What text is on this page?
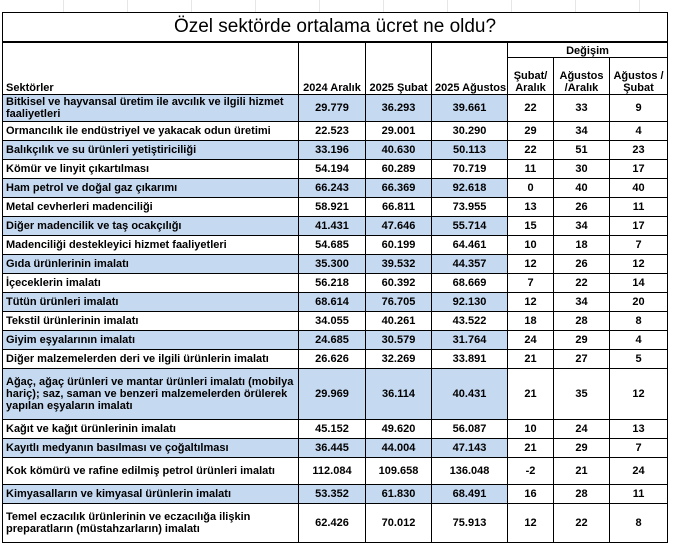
Özel sektörde ortalama ücret ne oldu?						
Sektörler	2024 Aralık	2025 Şubat	2025 Ağustos	Değişim		
				Şubat/ Aralık	Ağustos /Aralık	Ağustos /Şubat
Bitkisel ve hayvansal üretim ile avcılık ve ilgili hizmet faaliyetleri	29.779	36.293	39.661	22	33	9
Ormancılık ile endüstriyel ve yakacak odun üretimi	22.523	29.001	30.290	29	34	4
Balıkçılık ve su ürünleri yetiştiriciliği	33.196	40.630	50.113	22	51	23
Kömür ve linyit çıkartılması	54.194	60.289	70.719	11	30	17
Ham petrol ve doğal gaz çıkarımı	66.243	66.369	92.618	0	40	40
Metal cevherleri madenciliği	58.921	66.811	73.955	13	26	11
Diğer madencilik ve taş ocakçılığı	41.431	47.646	55.714	15	34	17
Madenciliği destekleyici hizmet faaliyetleri	54.685	60.199	64.461	10	18	7
Gıda ürünlerinin imalatı	35.300	39.532	44.357	12	26	12
İçeceklerin imalatı	56.218	60.392	68.669	7	22	14
Tütün ürünleri imalatı	68.614	76.705	92.130	12	34	20
Tekstil ürünlerinin imalatı	34.055	40.261	43.522	18	28	8
Giyim eşyalarının imalatı	24.685	30.579	31.764	24	29	4
Diğer malzemelerden deri ve ilgili ürünlerin imalatı	26.626	32.269	33.891	21	27	5
Ağaç, ağaç ürünleri ve mantar ürünleri imalatı (mobilya hariç); saz, saman ve benzeri malzemelerden örülerek yapılan eşyaların imalatı	29.969	36.114	40.431	21	35	12
Kağıt ve kağıt ürünlerinin imalatı	45.152	49.620	56.087	10	24	13
Kayıtlı medyanın basılması ve çoğaltılması	36.445	44.004	47.143	21	29	7
Kok kömürü ve rafine edilmiş petrol ürünleri imalatı	112.084	109.658	136.048	-2	21	24
Kimyasalların ve kimyasal ürünlerin imalatı	53.352	61.830	68.491	16	28	11
Temel eczacılık ürünlerinin ve eczacılığa ilişkin preparatların (müstahzarların) imalatı	62.426	70.012	75.913	12	22	8
